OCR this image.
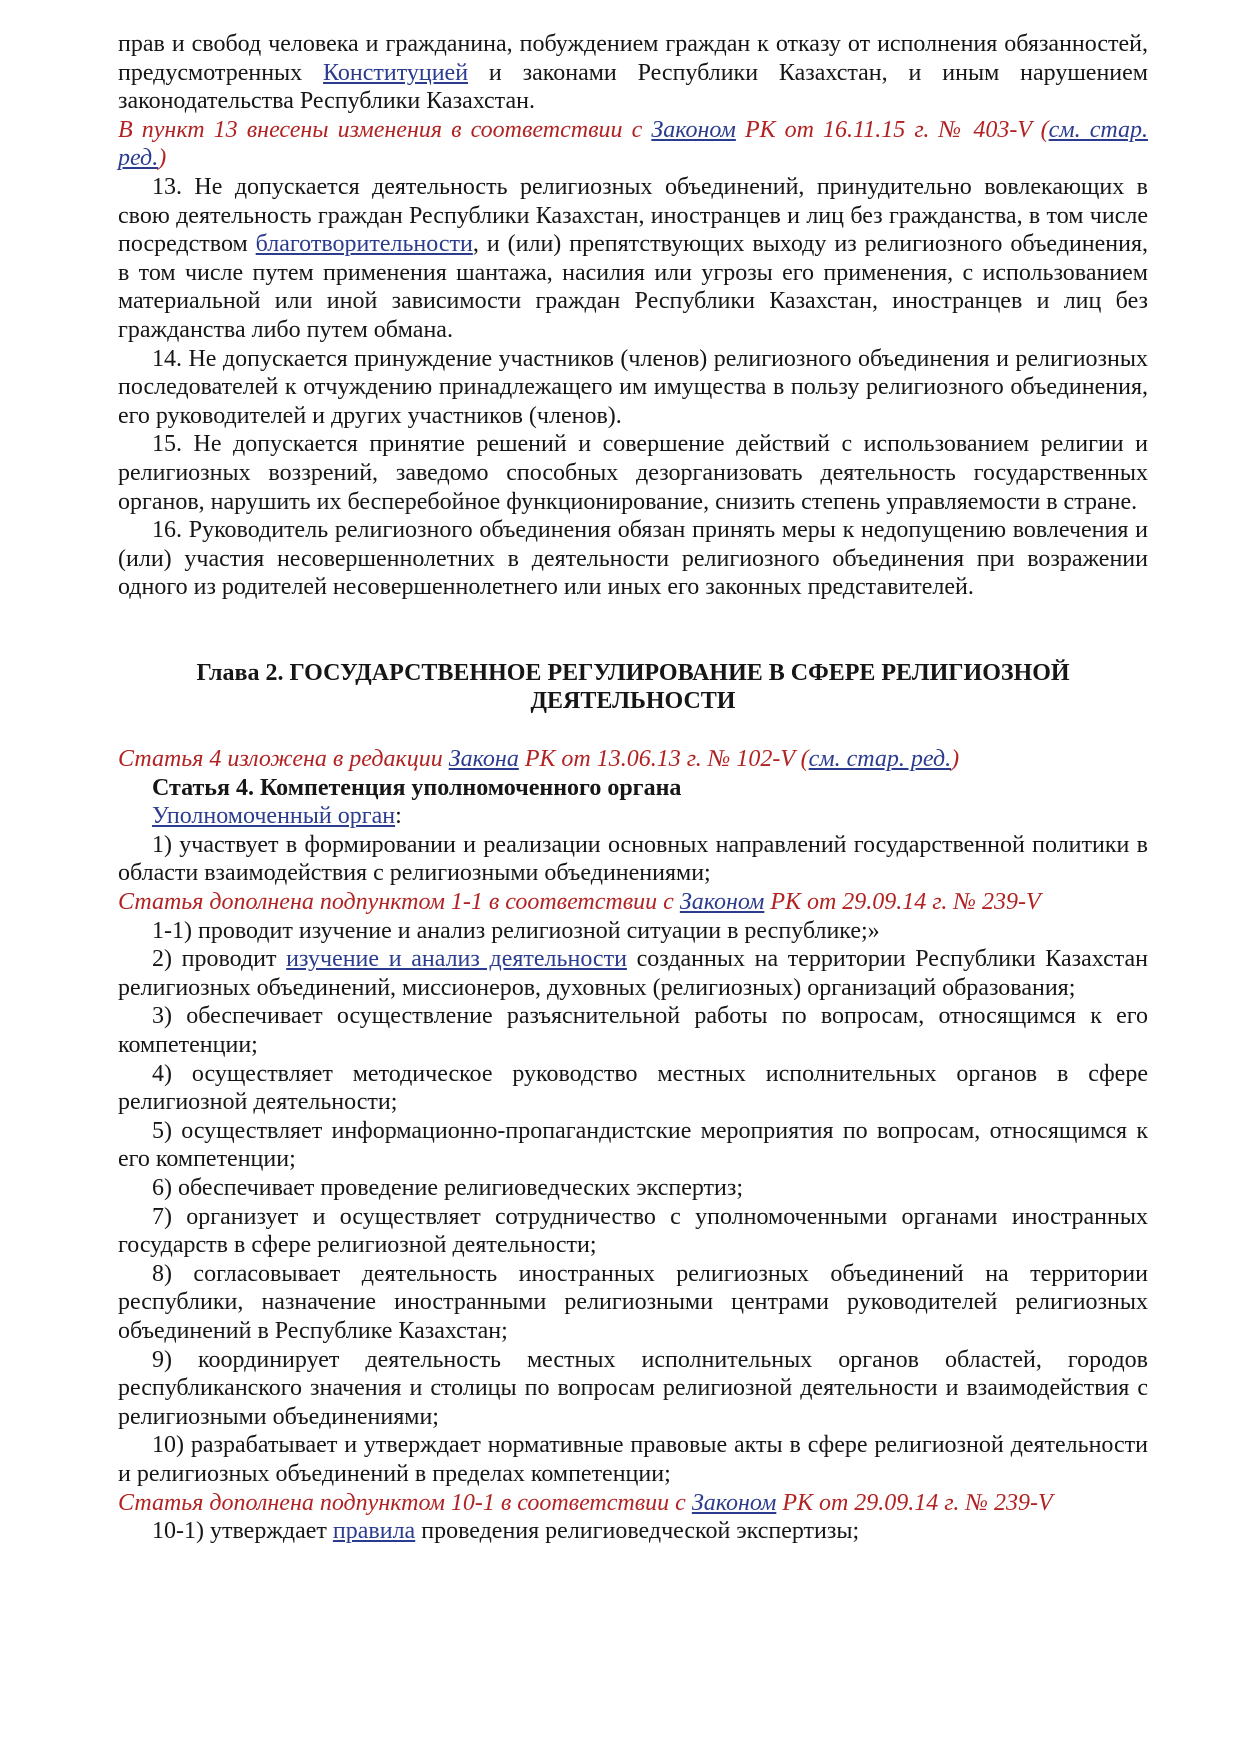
прав и свобод человека и гражданина, побуждением граждан к отказу от исполнения обязанностей, предусмотренных Конституцией и законами Республики Казахстан, и иным нарушением законодательства Республики Казахстан.

В пункт 13 внесены изменения в соответствии с Законом РК от 16.11.15 г. № 403-V (см. стар. ред.)

13. Не допускается деятельность религиозных объединений, принудительно вовлекающих в свою деятельность граждан Республики Казахстан, иностранцев и лиц без гражданства, в том числе посредством благотворительности, и (или) препятствующих выходу из религиозного объединения, в том числе путем применения шантажа, насилия или угрозы его применения, с использованием материальной или иной зависимости граждан Республики Казахстан, иностранцев и лиц без гражданства либо путем обмана.

14. Не допускается принуждение участников (членов) религиозного объединения и религиозных последователей к отчуждению принадлежащего им имущества в пользу религиозного объединения, его руководителей и других участников (членов).

15. Не допускается принятие решений и совершение действий с использованием религии и религиозных воззрений, заведомо способных дезорганизовать деятельность государственных органов, нарушить их бесперебойное функционирование, снизить степень управляемости в стране.

16. Руководитель религиозного объединения обязан принять меры к недопущению вовлечения и (или) участия несовершеннолетних в деятельности религиозного объединения при возражении одного из родителей несовершеннолетнего или иных его законных представителей.

Глава 2. ГОСУДАРСТВЕННОЕ РЕГУЛИРОВАНИЕ В СФЕРЕ РЕЛИГИОЗНОЙ ДЕЯТЕЛЬНОСТИ

Статья 4 изложена в редакции Закона РК от 13.06.13 г. № 102-V (см. стар. ред.)

Статья 4. Компетенция уполномоченного органа

Уполномоченный орган:

1) участвует в формировании и реализации основных направлений государственной политики в области взаимодействия с религиозными объединениями;

Статья дополнена подпунктом 1-1 в соответствии с Законом РК от 29.09.14 г. № 239-V

1-1) проводит изучение и анализ религиозной ситуации в республике;»

2) проводит изучение и анализ деятельности созданных на территории Республики Казахстан религиозных объединений, миссионеров, духовных (религиозных) организаций образования;

3) обеспечивает осуществление разъяснительной работы по вопросам, относящимся к его компетенции;

4) осуществляет методическое руководство местных исполнительных органов в сфере религиозной деятельности;

5) осуществляет информационно-пропагандистские мероприятия по вопросам, относящимся к его компетенции;

6) обеспечивает проведение религиоведческих экспертиз;

7) организует и осуществляет сотрудничество с уполномоченными органами иностранных государств в сфере религиозной деятельности;

8) согласовывает деятельность иностранных религиозных объединений на территории республики, назначение иностранными религиозными центрами руководителей религиозных объединений в Республике Казахстан;

9) координирует деятельность местных исполнительных органов областей, городов республиканского значения и столицы по вопросам религиозной деятельности и взаимодействия с религиозными объединениями;

10) разрабатывает и утверждает нормативные правовые акты в сфере религиозной деятельности и религиозных объединений в пределах компетенции;

Статья дополнена подпунктом 10-1 в соответствии с Законом РК от 29.09.14 г. № 239-V

10-1) утверждает правила проведения религиоведческой экспертизы;
